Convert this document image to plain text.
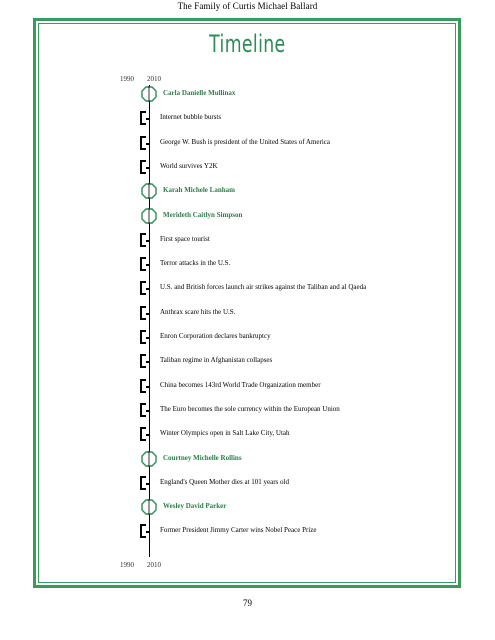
The Family of Curtis Michael Ballard
Timeline
1990 2010
Carla Danielle Mullinax
Internet bubble bursts
George W. Bush is president of the United States of America
World survives Y2K
Karah Michele Lanham
Merideth Caitlyn Simpson
First space tourist
Terror attacks in the U.S.
U.S. and British forces launch air strikes against the Taliban and al Qaeda
Anthrax scare hits the U.S.
Enron Corporation declares bankruptcy
Taliban regime in Afghanistan collapses
China becomes 143rd World Trade Organization member
The Euro becomes the sole currency within the European Union
Winter Olympics open in Salt Lake City, Utah
Courtney Michelle Rollins
England's Queen Mother dies at 101 years old
Wesley David Parker
Former President Jimmy Carter wins Nobel Peace Prize
1990 2010
79
